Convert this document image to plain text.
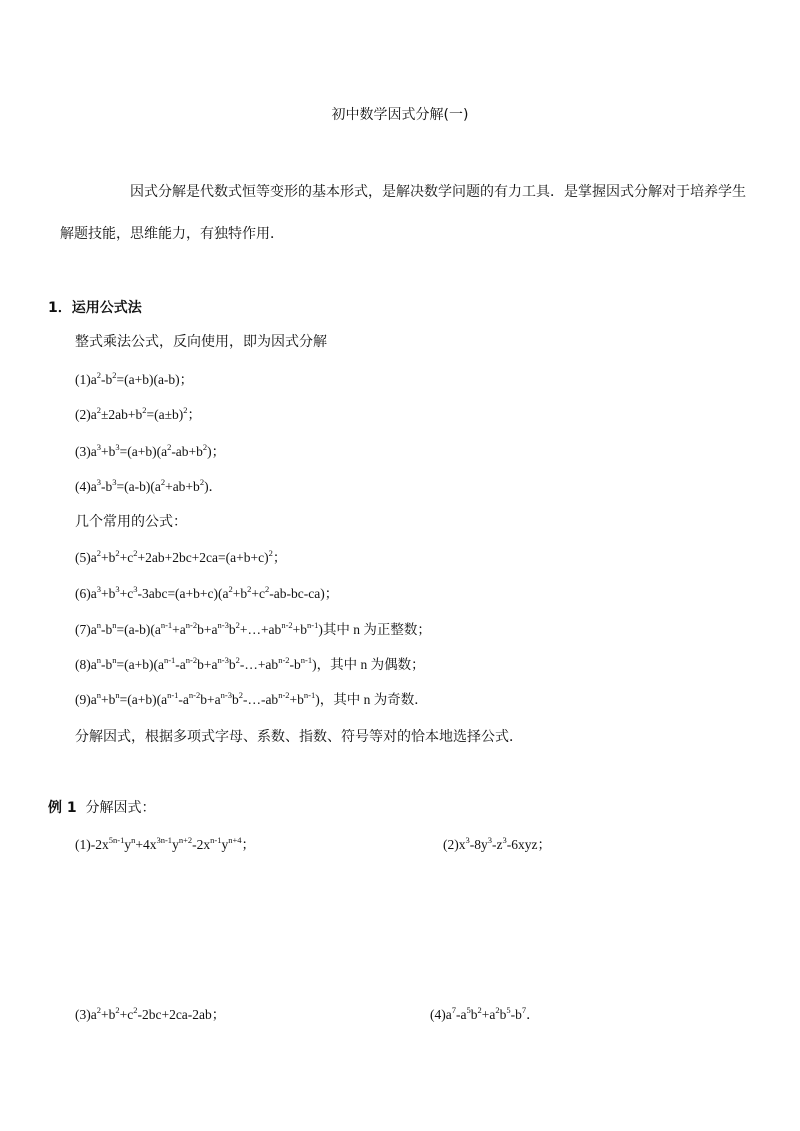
初中数学因式分解(一)
因式分解是代数式恒等变形的基本形式，是解决数学问题的有力工具．是掌握因式分解对于培养学生
解题技能，思维能力，有独特作用．
1．运用公式法
整式乘法公式，反向使用，即为因式分解
$(1)a^2-b^2=(a+b)(a-b)$；
$(2)a^2\pm 2ab+b^2=(a\pm b)^2$；
$(3)a^3+b^3=(a+b)(a^2-ab+b^2)$；
$(4)a^3-b^3=(a-b)(a^2+ab+b^2)$．
几个常用的公式：
$(5)a^2+b^2+c^2+2ab+2bc+2ca=(a+b+c)^2$；
$(6)a^3+b^3+c^3-3abc=(a+b+c)(a^2+b^2+c^2-ab-bc-ca)$；
$(7)a^n-b^n=(a-b)(a^{n-1}+a^{n-2}b+a^{n-3}b^2+\dots+ab^{n-2}+b^{n-1})$其中 n 为正整数；
$(8)a^n-b^n=(a+b)(a^{n-1}-a^{n-2}b+a^{n-3}b^2-\dots+ab^{n-2}-b^{n-1})$，其中 n 为偶数；
$(9)a^n+b^n=(a+b)(a^{n-1}-a^{n-2}b+a^{n-3}b^2-\dots-ab^{n-2}+b^{n-1})$，其中 n 为奇数．
分解因式，根据多项式字母、系数、指数、符号等对的恰本地选择公式．
例 1 分解因式：
$(1)-2x^{5n-1}y^n+4x^{3n-1}y^{n+2}-2x^{n-1}y^{n+4}$；	$(2)x^3-8y^3-z^3-6xyz$；
$(3)a^2+b^2+c^2-2bc+2ca-2ab$；	$(4)a^7-a^5b^2+a^2b^5-b^7$．
